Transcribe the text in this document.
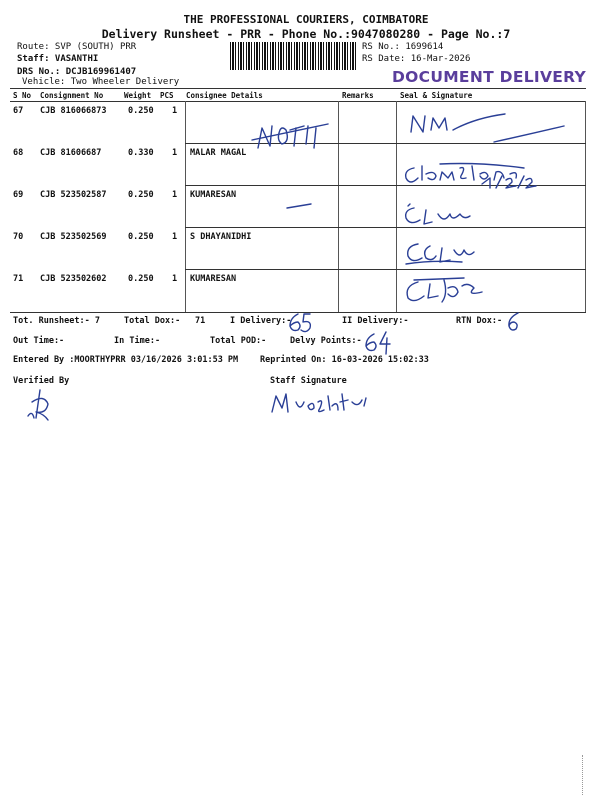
THE PROFESSIONAL COURIERS, COIMBATORE
Delivery Runsheet - PRR - Phone No.:9047080280 - Page No.:7
Route: SVP (SOUTH) PRR
Staff: VASANTHI
DRS No.: DCJB169961407
Vehicle: Two Wheeler Delivery
RS No.: 1699614
RS Date: 16-Mar-2026
DOCUMENT DELIVERY
S No Consignment No	Weight PCS Consignee Details	Remarks	Seal & Signature
67 CJB 816066873	0.250 1
68 CJB 81606687	0.330 1 MALAR MAGAL
69 CJB 523502587	0.250 1 KUMARESAN
70 CJB 523502569	0.250 1 S DHAYANIDHI
71 CJB 523502602	0.250 1 KUMARESAN
Tot. Runsheet:- 7	Total Dox:- 71	I Delivery:-	II Delivery:-	RTN Dox:-
Out Time:-	In Time:-	Total POD:-	Delvy Points:-
Entered By :MOORTHYPRR 03/16/2026 3:01:53 PM	Reprinted On: 16-03-2026 15:02:33
Verified By	Staff Signature
